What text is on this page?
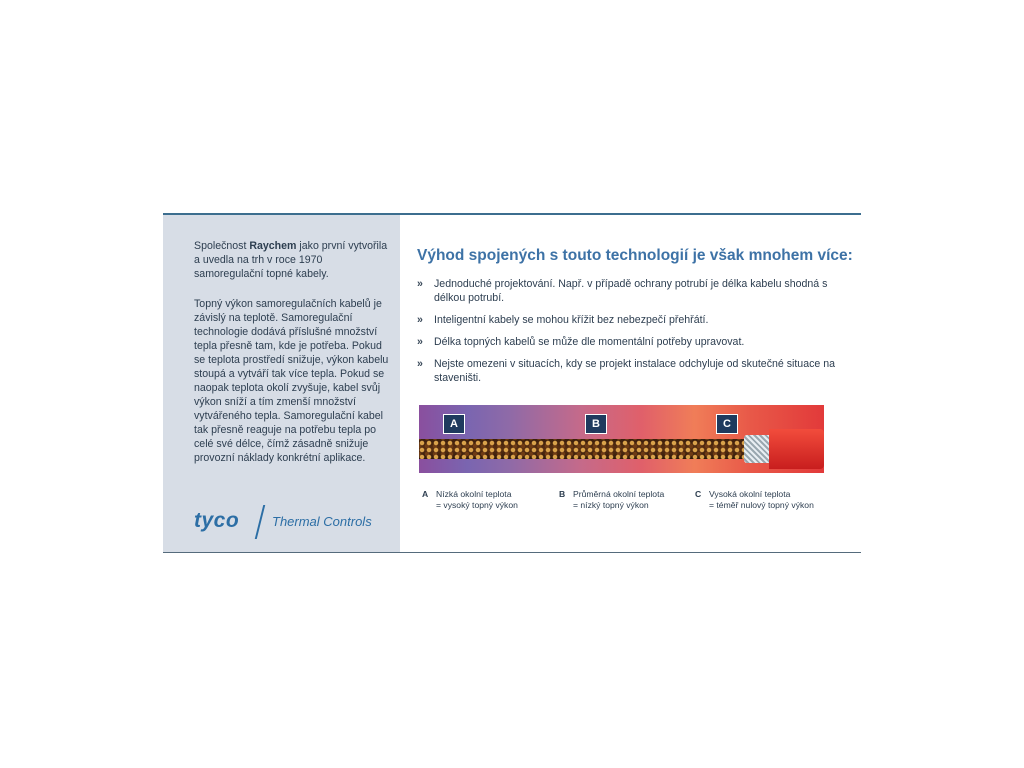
Společnost Raychem jako první vytvořila a uvedla na trh v roce 1970 samoregulační topné kabely.
Topný výkon samoregulačních kabelů je závislý na teplotě. Samoregulační technologie dodává příslušné množství tepla přesně tam, kde je potřeba. Pokud se teplota prostředí snižuje, výkon kabelu stoupá a vytváří tak více tepla. Pokud se naopak teplota okolí zvyšuje, kabel svůj výkon sníží a tím zmenší množství vytvářeného tepla. Samoregulační kabel tak přesně reaguje na potřebu tepla po celé své délce, čímž zásadně snižuje provozní náklady konkrétní aplikace.
tyco	Thermal Controls
Výhod spojených s touto technologií je však mnohem více:
» Jednoduché projektování. Např. v případě ochrany potrubí je délka kabelu shodná s délkou potrubí.
» Inteligentní kabely se mohou křížit bez nebezpečí přehřátí.
» Délka topných kabelů se může dle momentální potřeby upravovat.
» Nejste omezeni v situacích, kdy se projekt instalace odchyluje od skutečné situace na staveništi.
A	B	C
A Nízká okolní teplota
= vysoký topný výkon
B Průměrná okolní teplota
= nízký topný výkon
C Vysoká okolní teplota
= téměř nulový topný výkon
